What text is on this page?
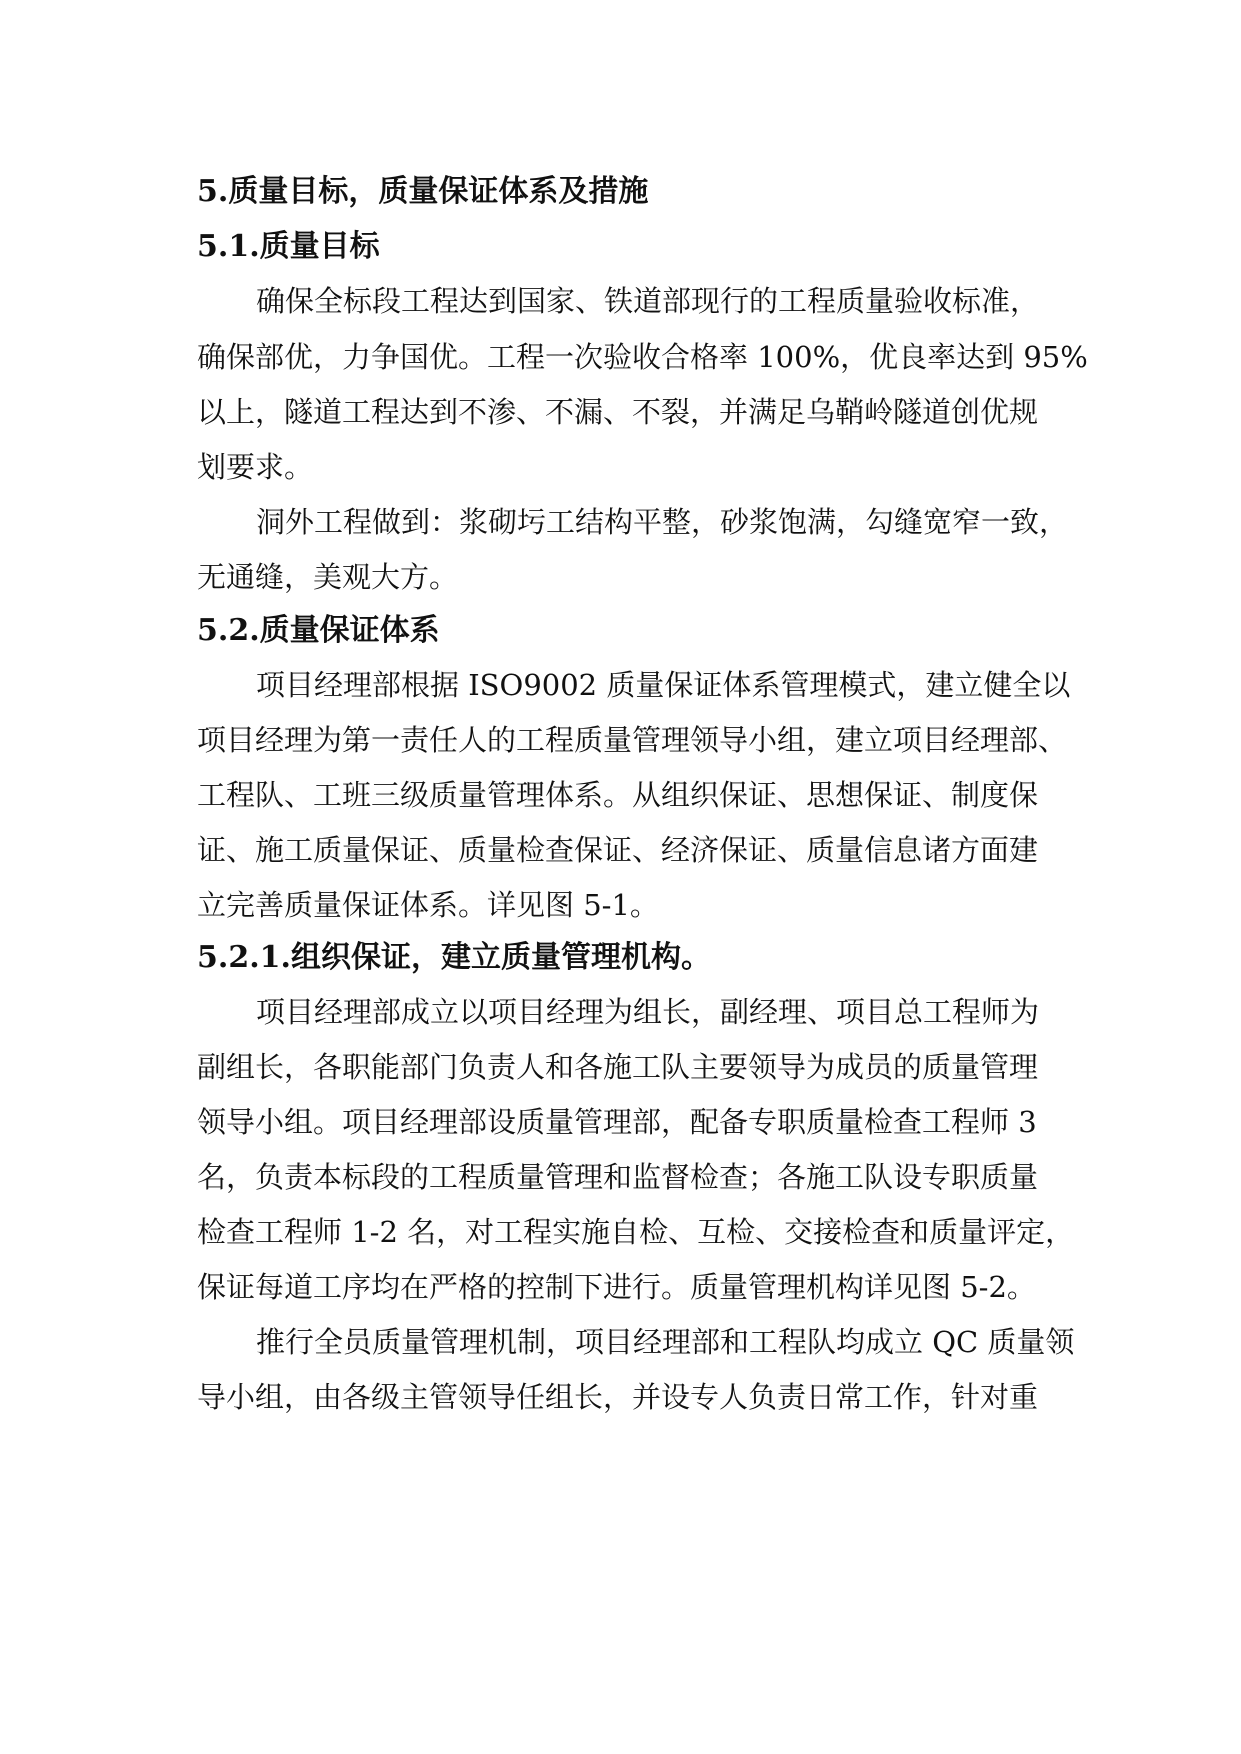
5.质量目标，质量保证体系及措施
5.1.质量目标
确保全标段工程达到国家、铁道部现行的工程质量验收标准，
确保部优，力争国优。工程一次验收合格率 100%，优良率达到 95%
以上，隧道工程达到不渗、不漏、不裂，并满足乌鞘岭隧道创优规
划要求。
洞外工程做到：浆砌圬工结构平整，砂浆饱满，勾缝宽窄一致，
无通缝，美观大方。
5.2.质量保证体系
项目经理部根据 ISO9002 质量保证体系管理模式，建立健全以
项目经理为第一责任人的工程质量管理领导小组，建立项目经理部、
工程队、工班三级质量管理体系。从组织保证、思想保证、制度保
证、施工质量保证、质量检查保证、经济保证、质量信息诸方面建
立完善质量保证体系。详见图 5-1。
5.2.1.组织保证，建立质量管理机构。
项目经理部成立以项目经理为组长，副经理、项目总工程师为
副组长，各职能部门负责人和各施工队主要领导为成员的质量管理
领导小组。项目经理部设质量管理部，配备专职质量检查工程师 3
名，负责本标段的工程质量管理和监督检查；各施工队设专职质量
检查工程师 1-2 名，对工程实施自检、互检、交接检查和质量评定，
保证每道工序均在严格的控制下进行。质量管理机构详见图 5-2。
推行全员质量管理机制，项目经理部和工程队均成立 QC 质量领
导小组，由各级主管领导任组长，并设专人负责日常工作，针对重
